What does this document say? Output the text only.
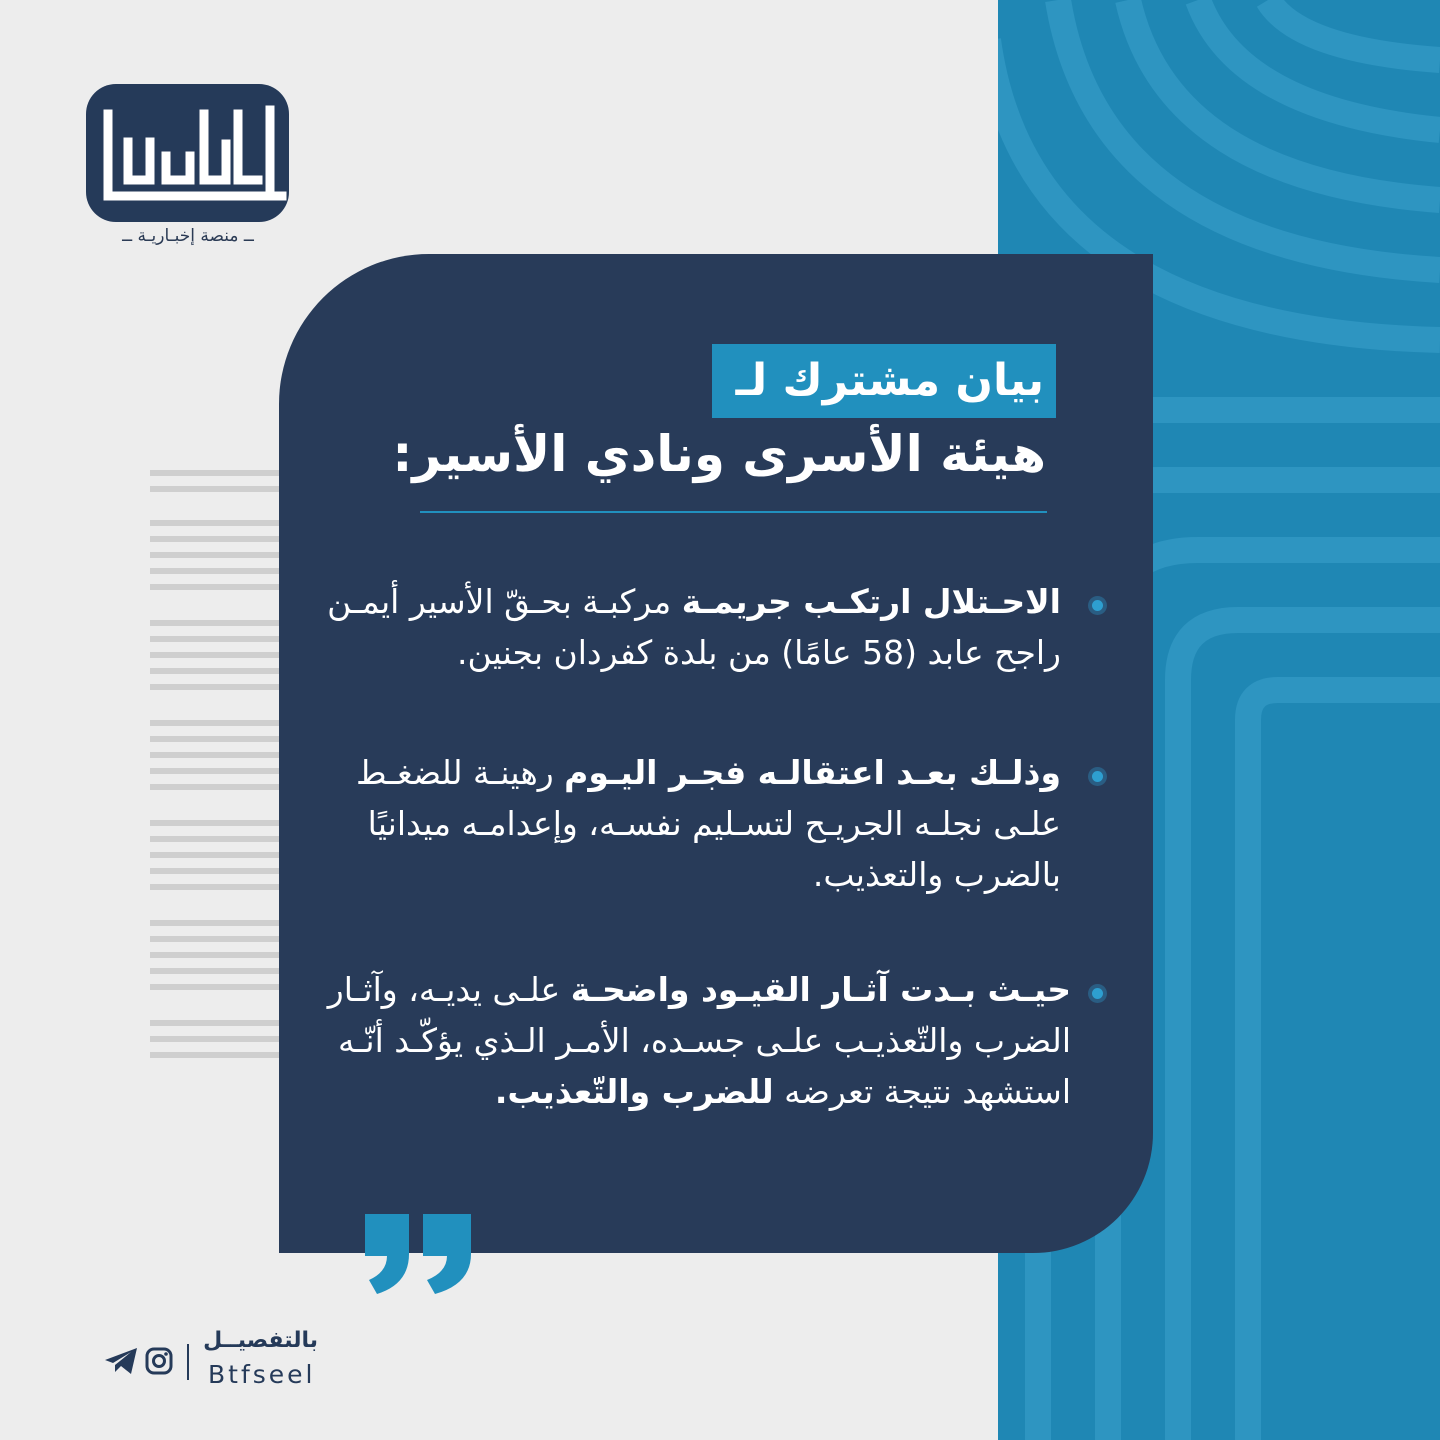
ــ منصة إخبـاريـة ــ
بيان مشترك لـ
هيئة الأسرى ونادي الأسير:
الاحـتلال ارتكـب جريمـة مركبـة بحـقّ الأسير أيمـن راجح عابد (58 عامًا) من بلدة كفردان بجنين.
وذلـك بعـد اعتقالـه فجـر اليـوم رهينـة للضغـط علـى نجلـه الجريـح لتسـليم نفسـه، وإعدامـه ميدانيًا بالضرب والتعذيب.
حيـث بـدت آثـار القيـود واضحـة علـى يديـه، وآثـار الضرب والتّعذيـب علـى جسـده، الأمـر الـذي يؤكّـد أنّـه استشهد نتيجة تعرضه للضرب والتّعذيب.
بالتفصيــل
Btfseel
